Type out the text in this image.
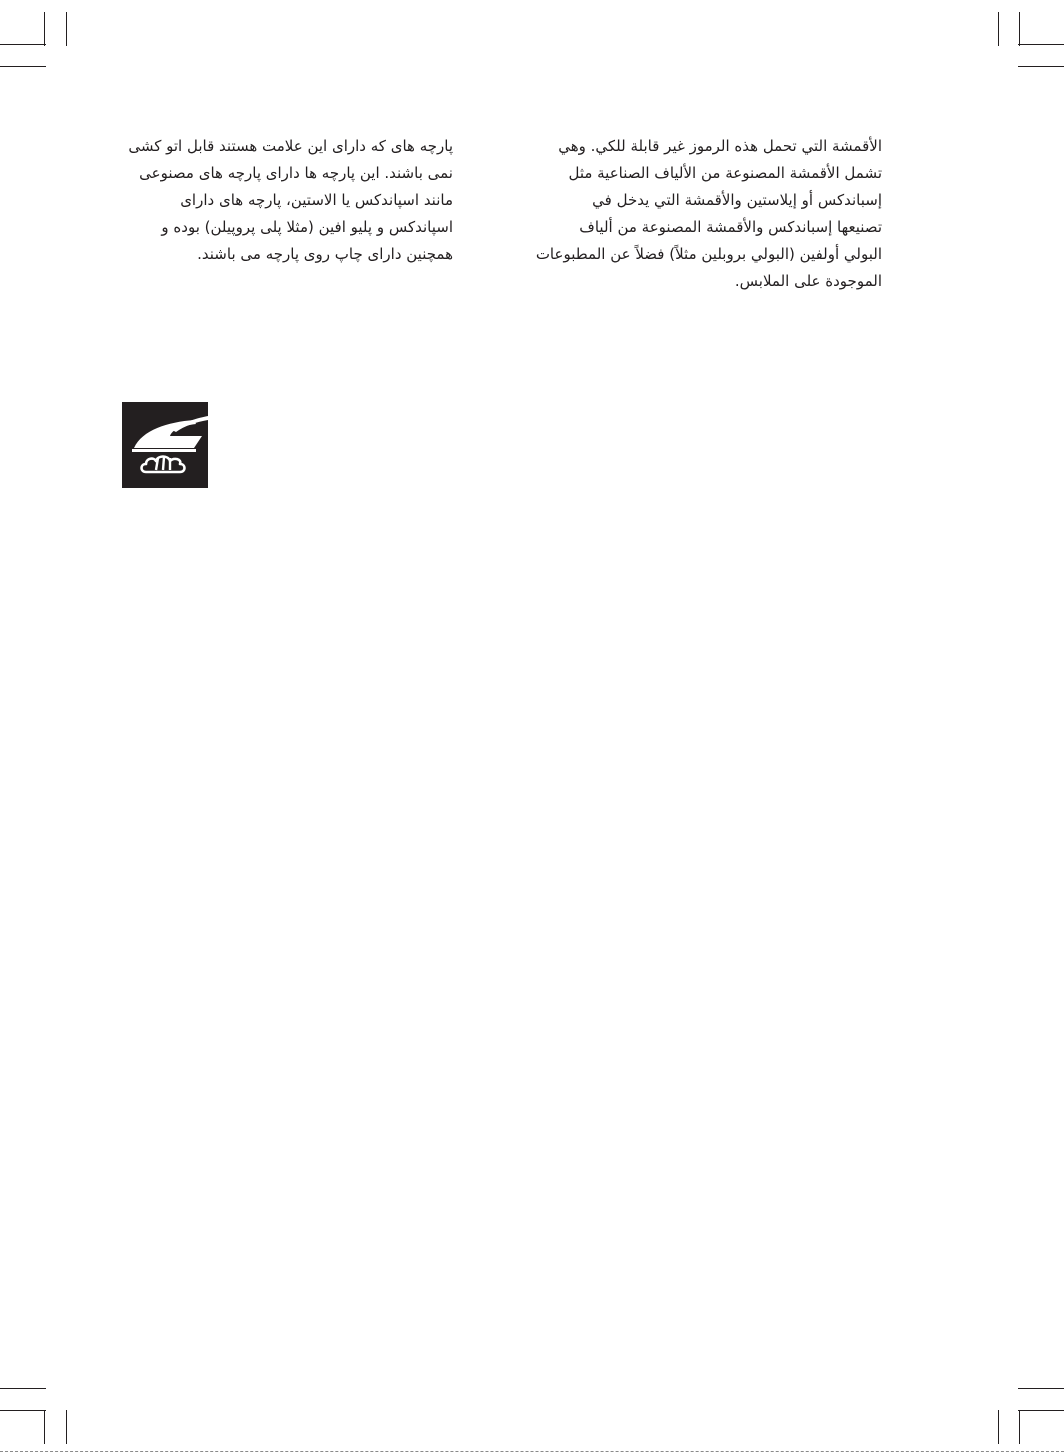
الأقمشة التي تحمل هذه الرموز غير قابلة للكي. وهي
تشمل الأقمشة المصنوعة من الألياف الصناعية مثل
إسباندكس أو إيلاستين والأقمشة التي يدخل في
تصنيعها إسباندكس والأقمشة المصنوعة من ألياف
البولي أولفين (البولي بروبلين مثلاً) فضلاً عن المطبوعات
الموجودة على الملابس.

پارچه های که دارای این علامت هستند قابل اتو کشی
نمی باشند. این پارچه ها دارای پارچه های مصنوعی
مانند اسپاندکس یا الاستین، پارچه های دارای
اسپاندکس و پلیو افین (مثلا پلی پروپیلن) بوده و
همچنین دارای چاپ روی پارچه می باشند.
